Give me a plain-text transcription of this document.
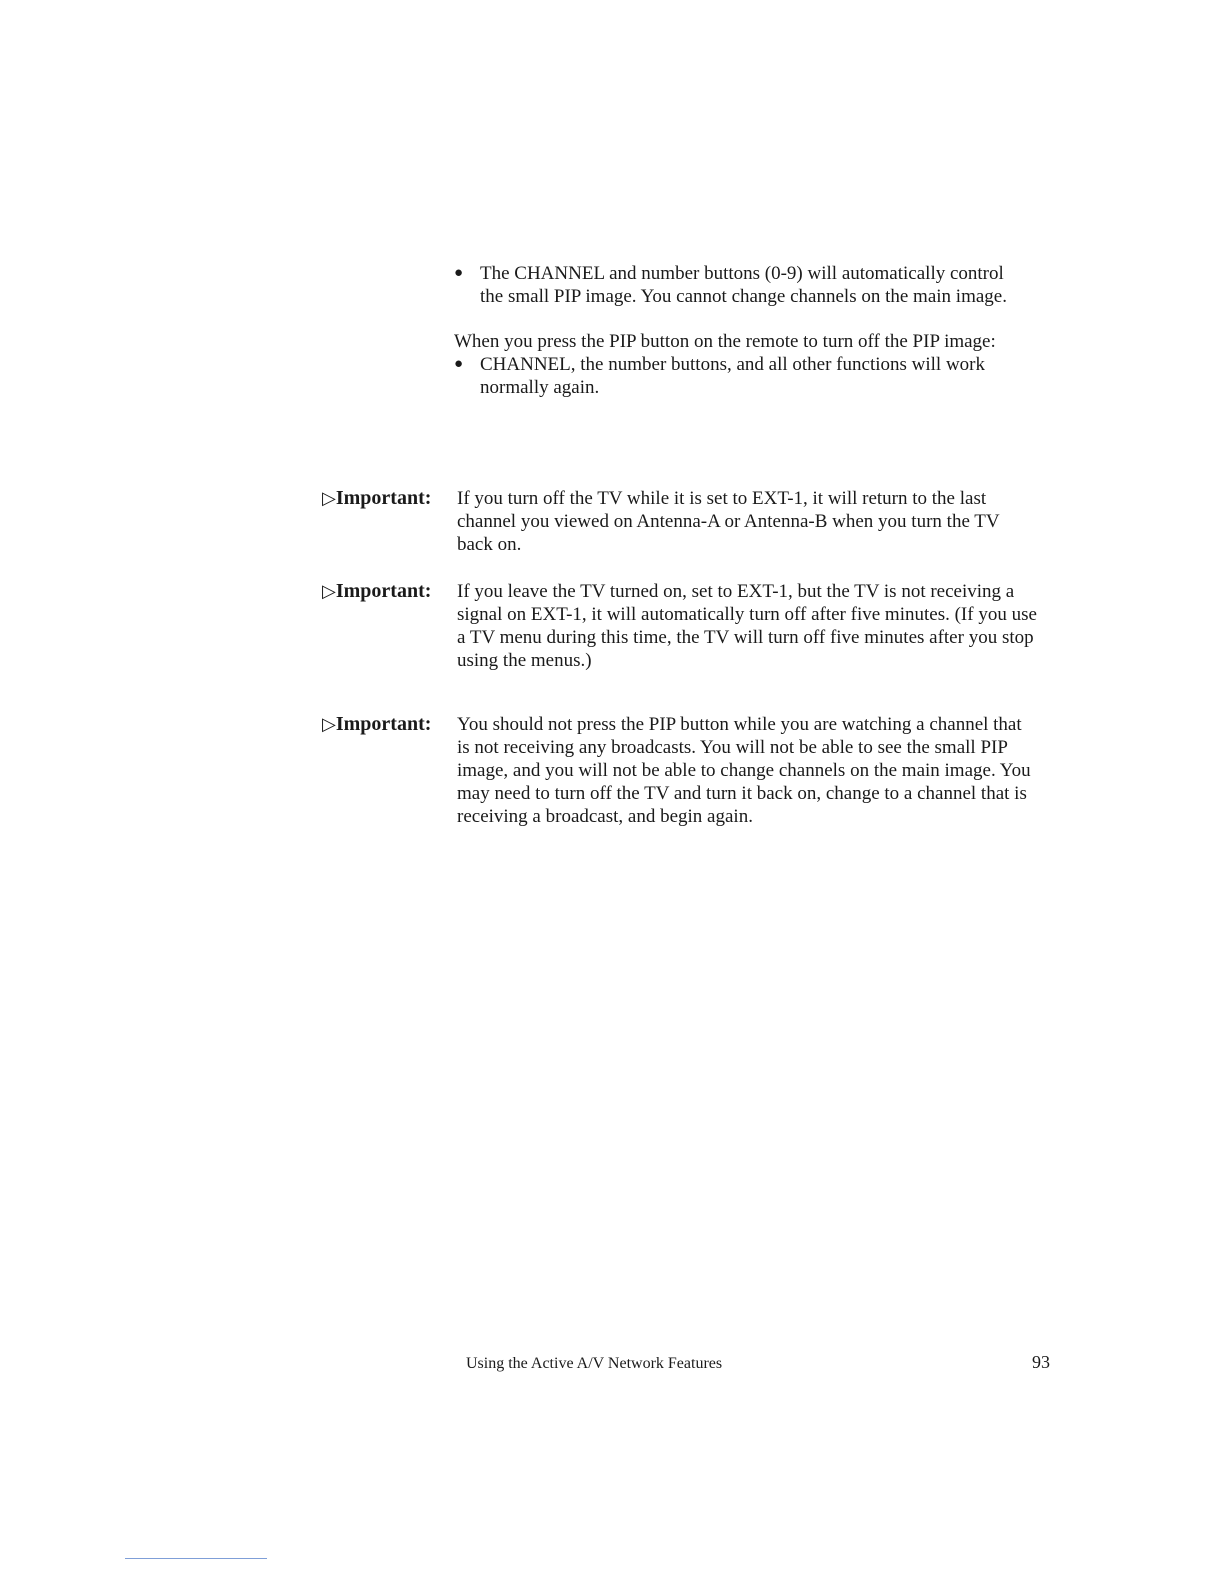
● The CHANNEL and number buttons (0-9) will automatically control the small PIP image. You cannot change channels on the main image.
When you press the PIP button on the remote to turn off the PIP image:
● CHANNEL, the number buttons, and all other functions will work normally again.
▷Important: If you turn off the TV while it is set to EXT-1, it will return to the last channel you viewed on Antenna-A or Antenna-B when you turn the TV back on.
▷Important: If you leave the TV turned on, set to EXT-1, but the TV is not receiving a signal on EXT-1, it will automatically turn off after five minutes. (If you use a TV menu during this time, the TV will turn off five minutes after you stop using the menus.)
▷Important: You should not press the PIP button while you are watching a channel that is not receiving any broadcasts. You will not be able to see the small PIP image, and you will not be able to change channels on the main image. You may need to turn off the TV and turn it back on, change to a channel that is receiving a broadcast, and begin again.
Using the Active A/V Network Features	93
